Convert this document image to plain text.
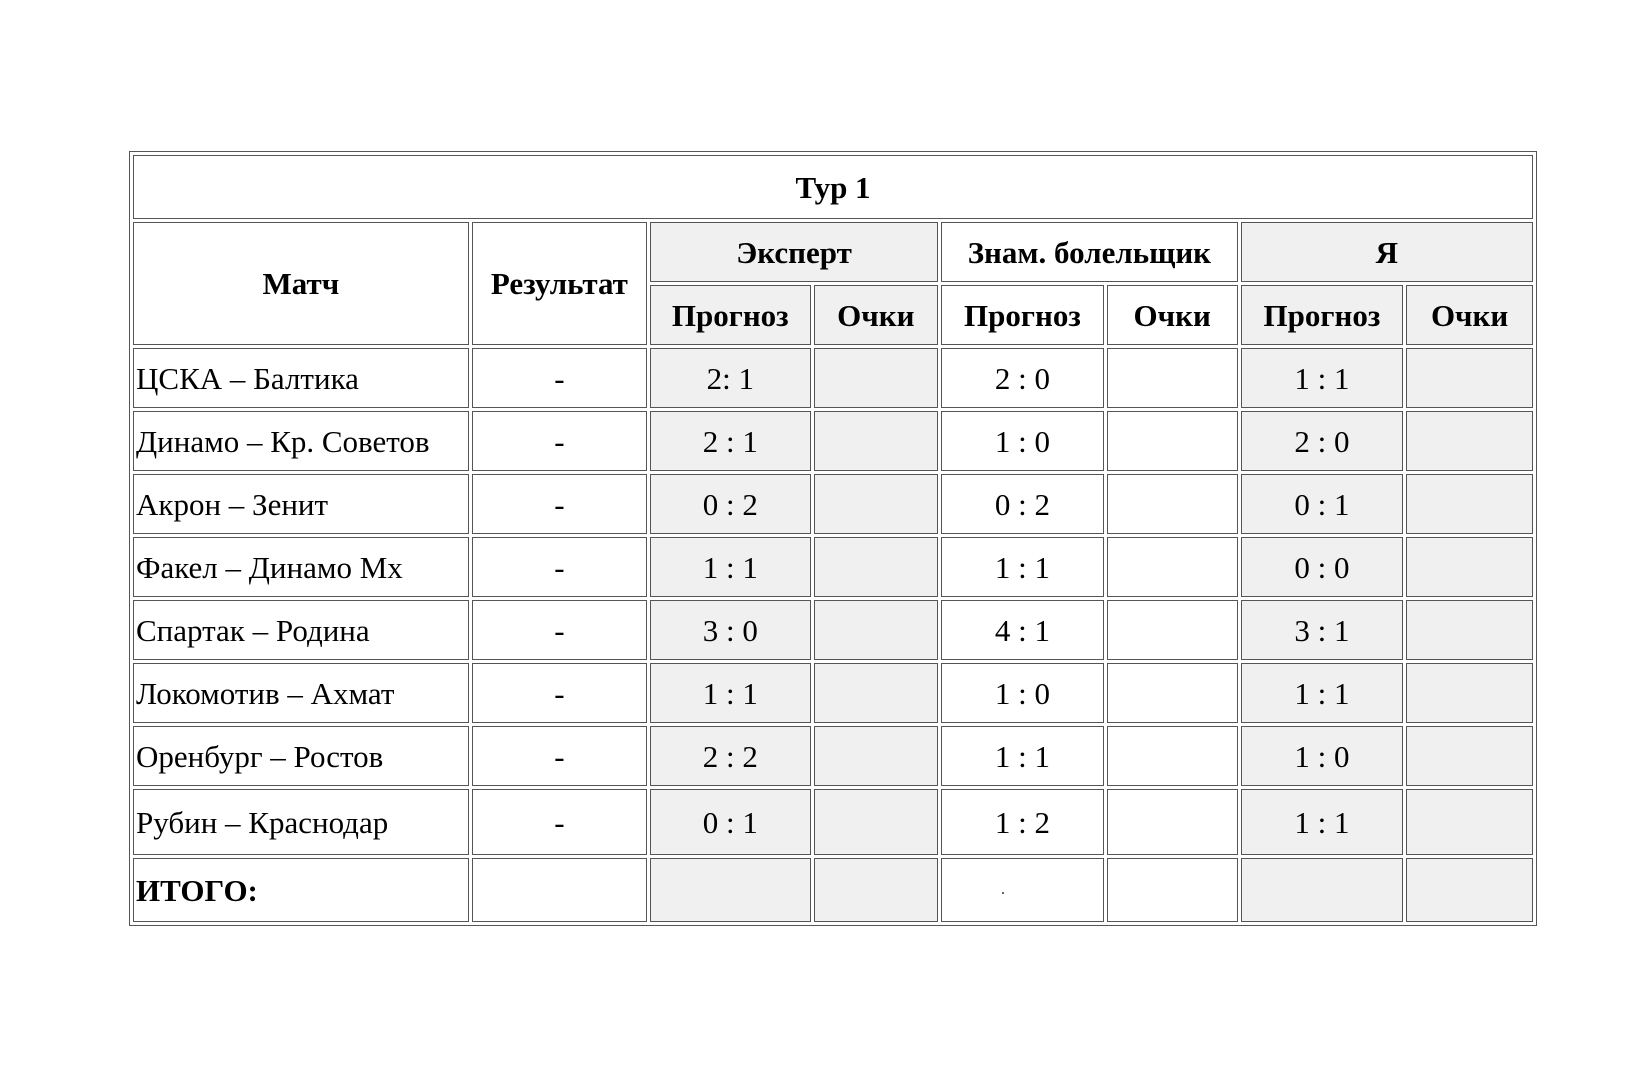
Тур 1							
Матч	Результат	Эксперт		Знам. болельщик		Я	
		Прогноз	Очки	Прогноз	Очки	Прогноз	Очки
ЦСКА – Балтика	-	2: 1		2 : 0		1 : 1	
Динамо – Кр. Советов	-	2 : 1		1 : 0		2 : 0	
Акрон – Зенит	-	0 : 2		0 : 2		0 : 1	
Факел – Динамо Мх	-	1 : 1		1 : 1		0 : 0	
Спартак – Родина	-	3 : 0		4 : 1		3 : 1	
Локомотив – Ахмат	-	1 : 1		1 : 0		1 : 1	
Оренбург – Ростов	-	2 : 2		1 : 1		1 : 0	
Рубин – Краснодар	-	0 : 1		1 : 2		1 : 1	
ИТОГО:							
